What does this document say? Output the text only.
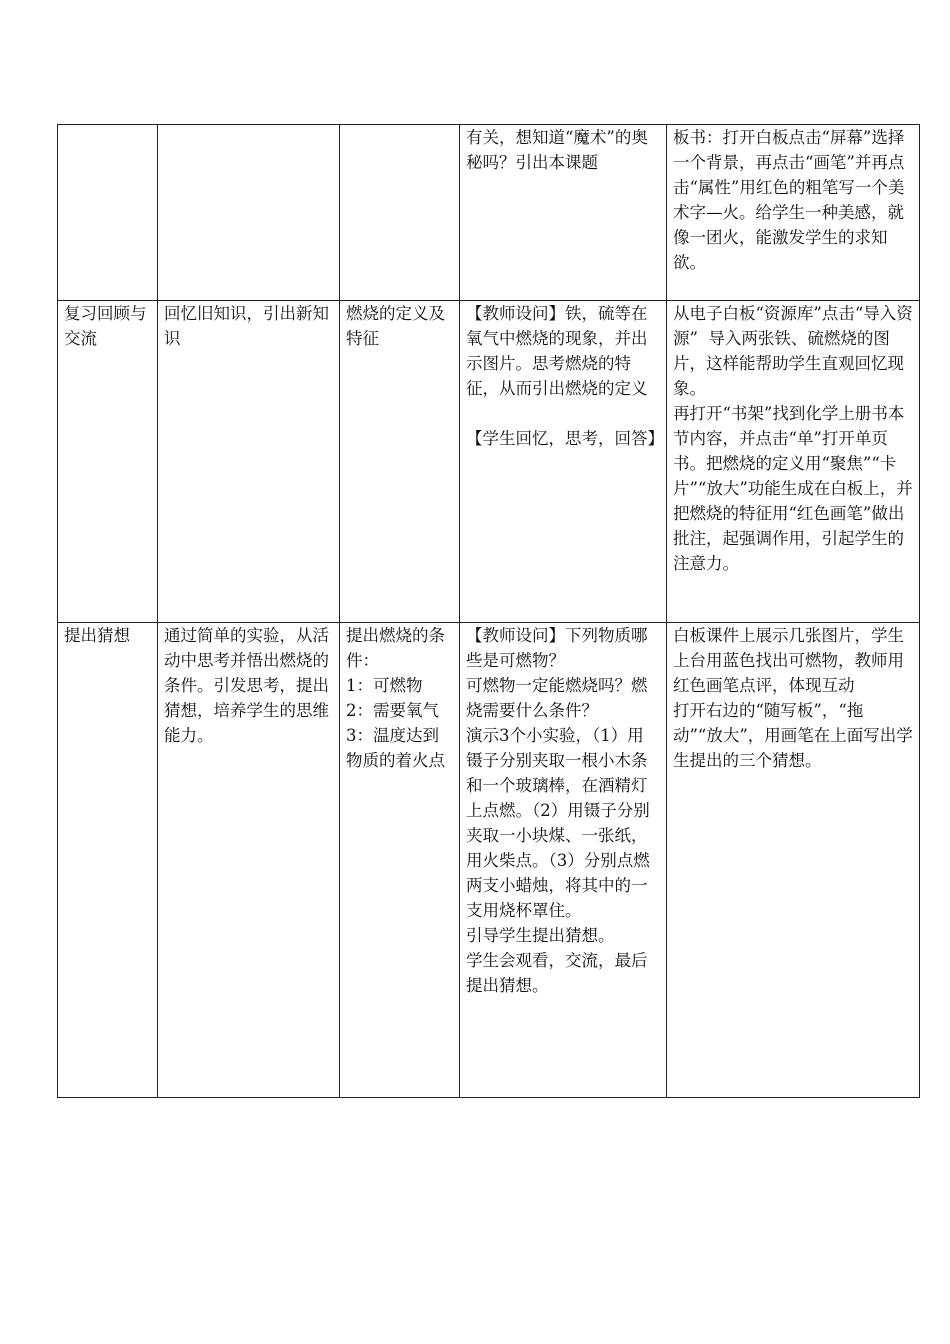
			有关，想知道“魔术”的奥秘吗？引出本课题	板书：打开白板点击“屏幕”选择一个背景，再点击“画笔”并再点击“属性”用红色的粗笔写一个美术字—火。给学生一种美感，就像一团火，能激发学生的求知欲。

复习回顾与交流	回忆旧知识，引出新知识	燃烧的定义及特征	【教师设问】铁，硫等在氧气中燃烧的现象，并出示图片。思考燃烧的特征，从而引出燃烧的定义

【学生回忆，思考，回答】	从电子白板“资源库”点击“导入资源”  导入两张铁、硫燃烧的图片，这样能帮助学生直观回忆现象。
再打开“书架”找到化学上册书本节内容，并点击“单”打开单页书。把燃烧的定义用“聚焦”“卡片”“放大”功能生成在白板上，并把燃烧的特征用“红色画笔”做出批注，起强调作用，引起学生的注意力。

提出猜想	通过简单的实验，从活动中思考并悟出燃烧的条件。引发思考，提出猜想，培养学生的思维能力。	提出燃烧的条件：
1：可燃物
2：需要氧气
3：温度达到物质的着火点	【教师设问】下列物质哪些是可燃物？
可燃物一定能燃烧吗？燃烧需要什么条件？
演示3个小实验，（1）用镊子分别夹取一根小木条和一个玻璃棒，在酒精灯上点燃。（2）用镊子分别夹取一小块煤、一张纸，用火柴点。（3）分别点燃两支小蜡烛，将其中的一支用烧杯罩住。
引导学生提出猜想。
学生会观看，交流，最后提出猜想。	白板课件上展示几张图片，学生上台用蓝色找出可燃物，教师用红色画笔点评，体现互动
打开右边的“随写板”，“拖动”“放大”，用画笔在上面写出学生提出的三个猜想。
